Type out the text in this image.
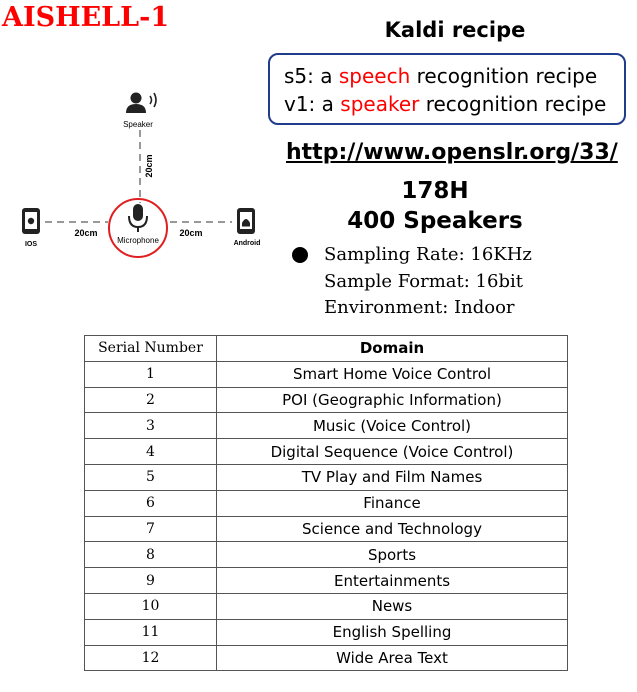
AISHELL-1	Kaldi recipe
s5: a speech recognition recipe
v1: a speaker recognition recipe
http://www.openslr.org/33/
178H
400 Speakers
Sampling Rate: 16KHz
Sample Format: 16bit
Environment: Indoor
Speaker
20cm
Microphone
IOS
20cm
Android
20cm
Serial Number	Domain
1	Smart Home Voice Control
2	POI (Geographic Information)
3	Music (Voice Control)
4	Digital Sequence (Voice Control)
5	TV Play and Film Names
6	Finance
7	Science and Technology
8	Sports
9	Entertainments
10	News
11	English Spelling
12	Wide Area Text
